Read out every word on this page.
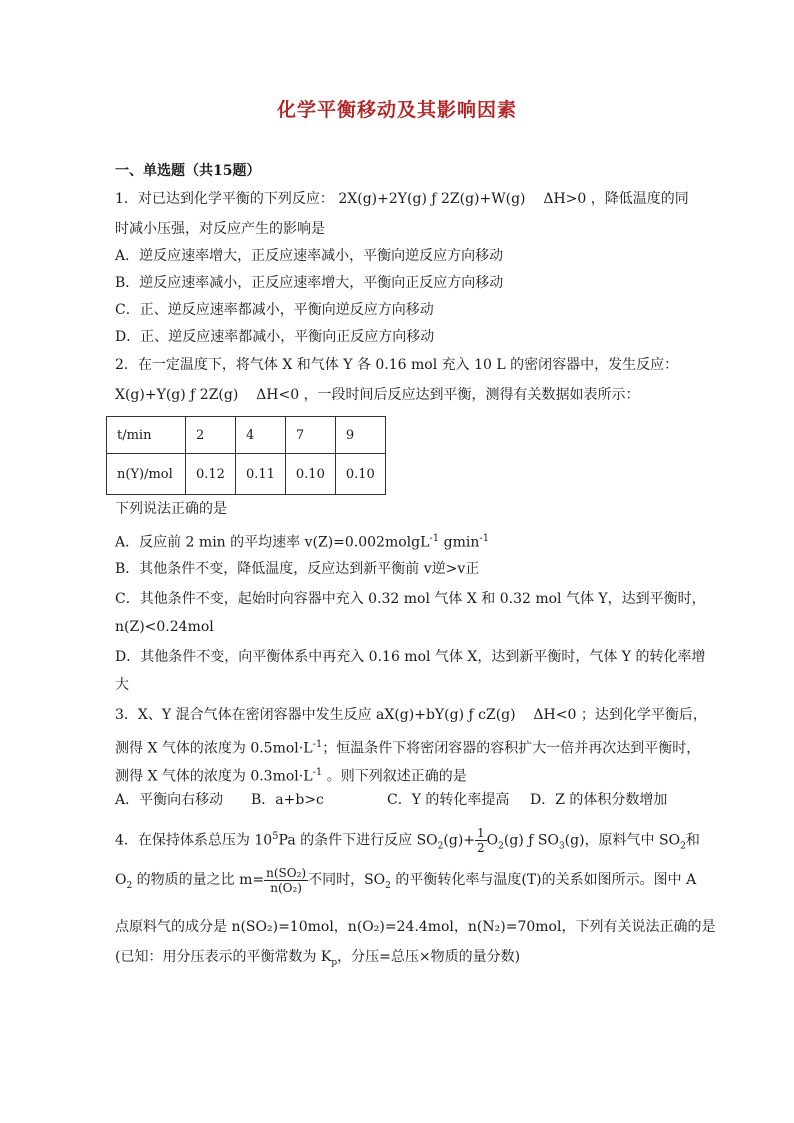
化学平衡移动及其影响因素
一、单选题（共15题）
1．对已达到化学平衡的下列反应： 2X(g)+2Y(g) ƒ 2Z(g)+W(g) ΔH>0 ，降低温度的同
时减小压强，对反应产生的影响是
A．逆反应速率增大，正反应速率减小，平衡向逆反应方向移动
B．逆反应速率减小，正反应速率增大，平衡向正反应方向移动
C．正、逆反应速率都减小，平衡向逆反应方向移动
D．正、逆反应速率都减小，平衡向正反应方向移动
2．在一定温度下，将气体 X 和气体 Y 各 0.16 mol 充入 10 L 的密闭容器中，发生反应：
X(g)+Y(g) ƒ 2Z(g) ΔH<0 ，一段时间后反应达到平衡，测得有关数据如表所示：
t/min	2	4	7	9
n(Y)/mol	0.12	0.11	0.10	0.10
下列说法正确的是
A．反应前 2 min 的平均速率 v(Z)=0.002molgL$^{-1}$ gmin$^{-1}$
B．其他条件不变，降低温度，反应达到新平衡前 v逆>v正
C．其他条件不变，起始时向容器中充入 0.32 mol 气体 X 和 0.32 mol 气体 Y，达到平衡时，
n(Z)<0.24mol
D．其他条件不变，向平衡体系中再充入 0.16 mol 气体 X，达到新平衡时，气体 Y 的转化率增
大
3．X、Y 混合气体在密闭容器中发生反应 aX(g)+bY(g) ƒ cZ(g) ΔH<0 ；达到化学平衡后，
测得 X 气体的浓度为 $0.5mol\cdot L^{-1}$；恒温条件下将密闭容器的容积扩大一倍并再次达到平衡时，
测得 X 气体的浓度为 $0.3mol\cdot L^{-1}$ 。则下列叙述正确的是
A．平衡向右移动 B．a+b>c	C．Y 的转化率提高 D．Z 的体积分数增加
4．在保持体系总压为 $10^5Pa$ 的条件下进行反应 $SO_2(g)+ \frac{1}{2} O_2(g)$ ƒ $SO_3(g)$，原料气中 $SO_2$和
$O_2$ 的物质的量之比 $m= \frac{\text{n(SO₂)}}{\text{n(O₂)}}$ 不同时，$SO_2$ 的平衡转化率与温度(T)的关系如图所示。图中 A
点原料气的成分是 n(SO₂)=10mol，n(O₂)=24.4mol，n(N₂)=70mol，下列有关说法正确的是
(已知：用分压表示的平衡常数为 $K_p$，分压=总压×物质的量分数)
